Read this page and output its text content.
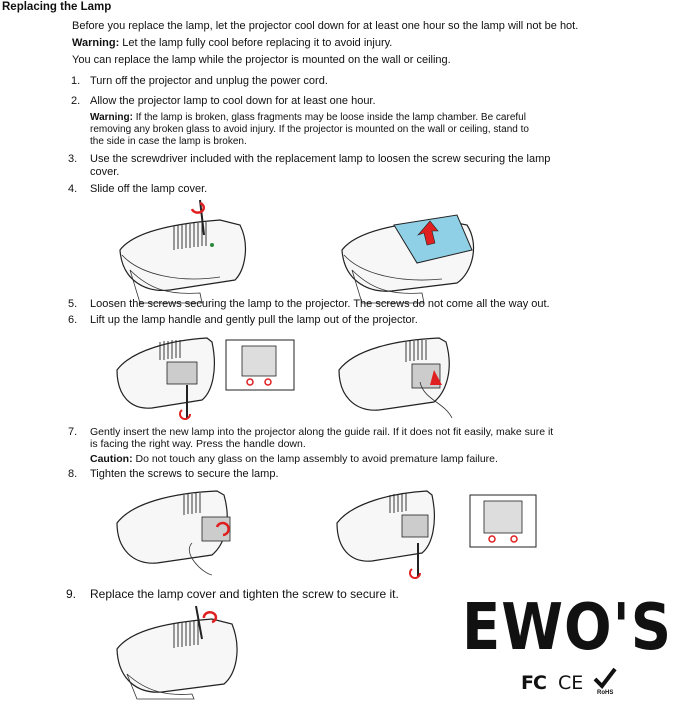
Replacing the Lamp
Before you replace the lamp, let the projector cool down for at least one hour so the lamp will not be hot.
Warning: Let the lamp fully cool before replacing it to avoid injury.
You can replace the lamp while the projector is mounted on the wall or ceiling.
1. Turn off the projector and unplug the power cord.
2. Allow the projector lamp to cool down for at least one hour.
Warning: If the lamp is broken, glass fragments may be loose inside the lamp chamber. Be careful
removing any broken glass to avoid injury. If the projector is mounted on the wall or ceiling, stand to
the side in case the lamp is broken.
3. Use the screwdriver included with the replacement lamp to loosen the screw securing the lamp
cover.
4. Slide off the lamp cover.
5. Loosen the screws securing the lamp to the projector. The screws do not come all the way out.
6. Lift up the lamp handle and gently pull the lamp out of the projector.
7. Gently insert the new lamp into the projector along the guide rail. If it does not fit easily, make sure it
is facing the right way. Press the handle down.
Caution: Do not touch any glass on the lamp assembly to avoid premature lamp failure.
8. Tighten the screws to secure the lamp.
9. Replace the lamp cover and tighten the screw to secure it. EWO'S
FC CE RoHS
